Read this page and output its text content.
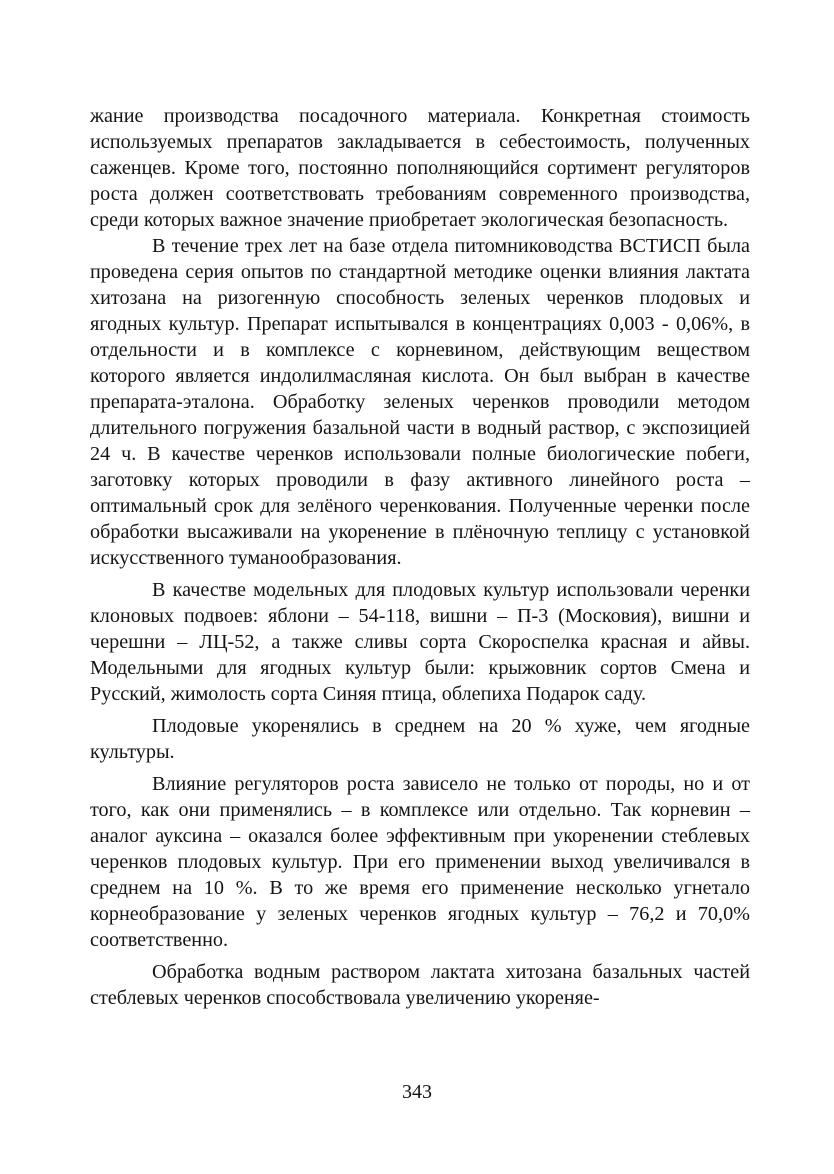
жание производства посадочного материала. Конкретная стоимость используемых препаратов закладывается в себестоимость, полученных саженцев. Кроме того, постоянно пополняющийся сортимент регуляторов роста должен соответствовать требованиям современного производства, среди которых важное значение приобретает экологическая безопасность.

В течение трех лет на базе отдела питомниководства ВСТИСП была проведена серия опытов по стандартной методике оценки влияния лактата хитозана на ризогенную способность зеленых черенков плодовых и ягодных культур. Препарат испытывался в концентрациях 0,003 - 0,06%, в отдельности и в комплексе с корневином, действующим веществом которого является индолилмасляная кислота. Он был выбран в качестве препарата-эталона. Обработку зеленых черенков проводили методом длительного погружения базальной части в водный раствор, с экспозицией 24 ч. В качестве черенков использовали полные биологические побеги, заготовку которых проводили в фазу активного линейного роста – оптимальный срок для зелёного черенкования. Полученные черенки после обработки высаживали на укоренение в плёночную теплицу с установкой искусственного туманообразования.

В качестве модельных для плодовых культур использовали черенки клоновых подвоев: яблони – 54-118, вишни – П-3 (Московия), вишни и черешни – ЛЦ-52, а также сливы сорта Скороспелка красная и айвы. Модельными для ягодных культур были: крыжовник сортов Смена и Русский, жимолость сорта Синяя птица, облепиха Подарок саду.

Плодовые укоренялись в среднем на 20 % хуже, чем ягодные культуры.

Влияние регуляторов роста зависело не только от породы, но и от того, как они применялись – в комплексе или отдельно. Так корневин – аналог ауксина – оказался более эффективным при укоренении стеблевых черенков плодовых культур. При его применении выход увеличивался в среднем на 10 %. В то же время его применение несколько угнетало корнеобразование у зеленых черенков ягодных культур – 76,2 и 70,0% соответственно.

Обработка водным раствором лактата хитозана базальных частей стеблевых черенков способствовала увеличению укореняе-

343
